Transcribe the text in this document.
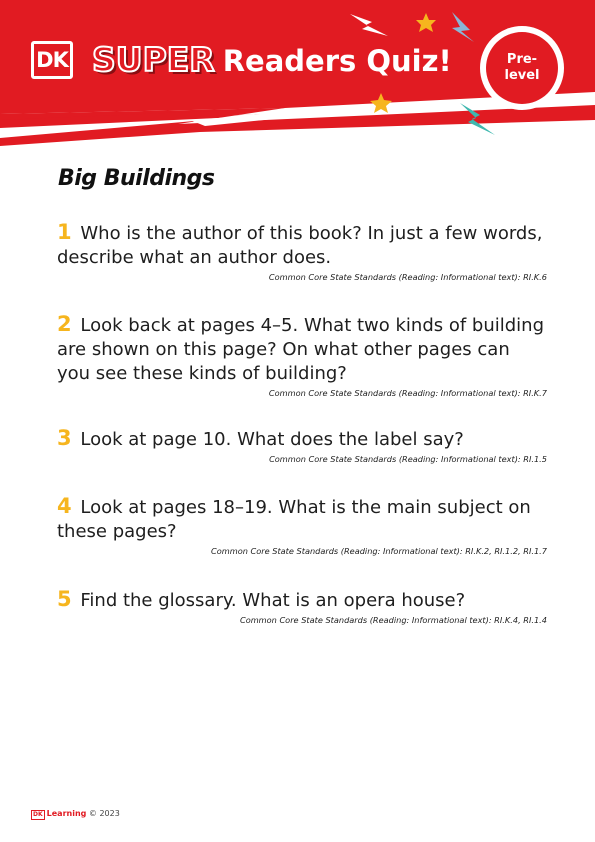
DK SUPER Readers Quiz!	Pre-
level
Big Buildings

1 Who is the author of this book? In just a few words, describe what an author does.

Common Core State Standards (Reading: Informational text): RI.K.6

2 Look back at pages 4–5. What two kinds of building are shown on this page? On what other pages can you see these kinds of building?

Common Core State Standards (Reading: Informational text): RI.K.7

3 Look at page 10. What does the label say?

Common Core State Standards (Reading: Informational text): RI.1.5

4 Look at pages 18–19. What is the main subject on these pages?

Common Core State Standards (Reading: Informational text): RI.K.2, RI.1.2, RI.1.7

5 Find the glossary. What is an opera house?

Common Core State Standards (Reading: Informational text): RI.K.4, RI.1.4

DK Learning © 2023
